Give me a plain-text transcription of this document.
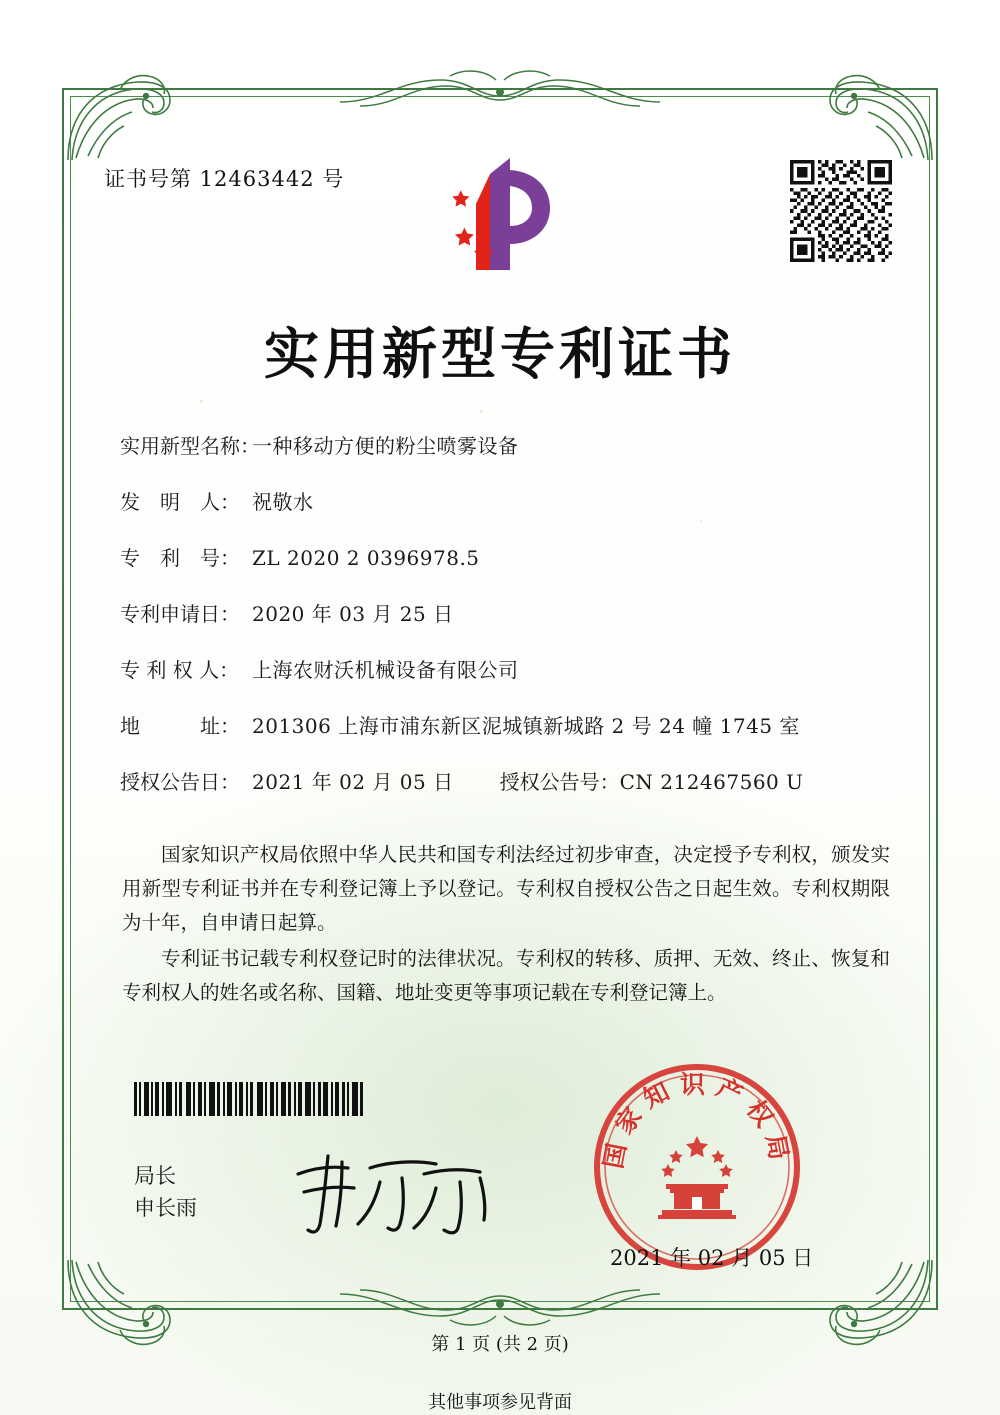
证书号第 12463442 号
实用新型专利证书
实用新型名称：
一种移动方便的粉尘喷雾设备
发　明　人： 祝敬水
专　利　号： ZL 2020 2 0396978.5
专利申请日： 2020 年 03 月 25 日
专 利 权 人： 上海农财沃机械设备有限公司
地　　　址： 201306 上海市浦东新区泥城镇新城路 2 号 24 幢 1745 室
授权公告日： 2021 年 02 月 05 日 授权公告号： CN 212467560 U

国家知识产权局依照中华人民共和国专利法经过初步审查，决定授予专利权，颁发实用新型专利证书并在专利登记簿上予以登记。专利权自授权公告之日起生效。专利权期限为十年，自申请日起算。

专利证书记载专利权登记时的法律状况。专利权的转移、质押、无效、终止、恢复和专利权人的姓名或名称、国籍、地址变更等事项记载在专利登记簿上。

局长
申长雨
国家知识产权局
2021 年 02 月 05 日
第 1 页 (共 2 页)
其他事项参见背面
